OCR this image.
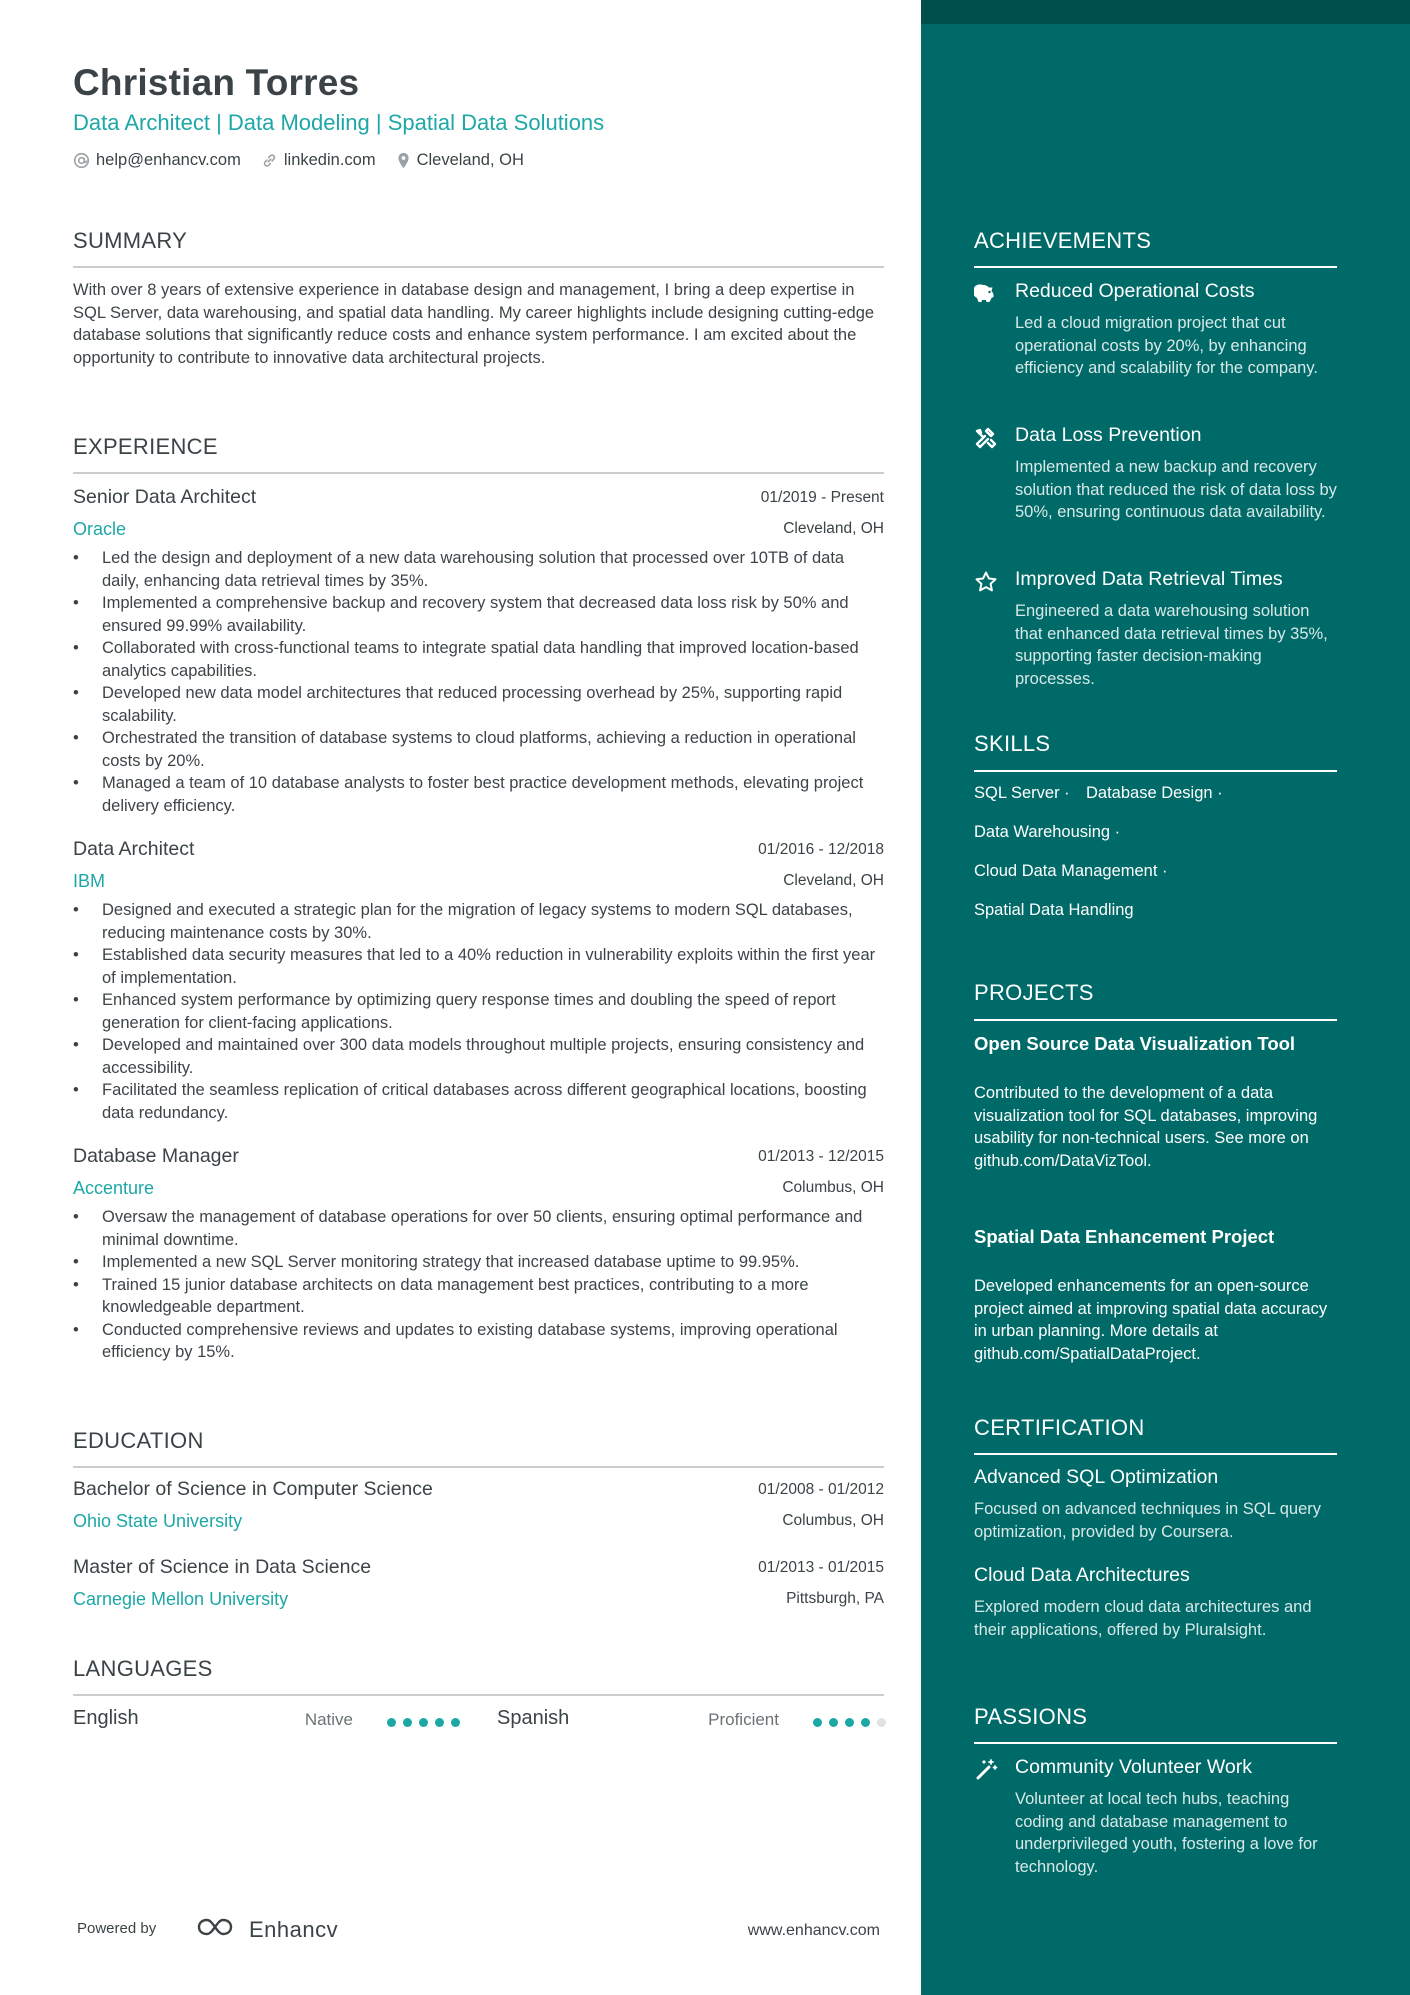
Christian Torres
Data Architect | Data Modeling | Spatial Data Solutions
help@enhancv.com	linkedin.com Cleveland, OH
SUMMARY

With over 8 years of extensive experience in database design and management, I bring a deep expertise in SQL Server, data warehousing, and spatial data handling. My career highlights include designing cutting-edge database solutions that significantly reduce costs and enhance system performance. I am excited about the opportunity to contribute to innovative data architectural projects.

EXPERIENCE
Senior Data Architect	01/2019 - Present
Oracle	Cleveland, OH
• Led the design and deployment of a new data warehousing solution that processed over 10TB of data daily, enhancing data retrieval times by 35%.
• Implemented a comprehensive backup and recovery system that decreased data loss risk by 50% and ensured 99.99% availability.
• Collaborated with cross-functional teams to integrate spatial data handling that improved location-based analytics capabilities.
• Developed new data model architectures that reduced processing overhead by 25%, supporting rapid scalability.
• Orchestrated the transition of database systems to cloud platforms, achieving a reduction in operational costs by 20%.
• Managed a team of 10 database analysts to foster best practice development methods, elevating project delivery efficiency.
Data Architect	01/2016 - 12/2018
IBM	Cleveland, OH
• Designed and executed a strategic plan for the migration of legacy systems to modern SQL databases, reducing maintenance costs by 30%.
• Established data security measures that led to a 40% reduction in vulnerability exploits within the first year of implementation.
• Enhanced system performance by optimizing query response times and doubling the speed of report generation for client-facing applications.
• Developed and maintained over 300 data models throughout multiple projects, ensuring consistency and accessibility.
• Facilitated the seamless replication of critical databases across different geographical locations, boosting data redundancy.
Database Manager	01/2013 - 12/2015
Accenture	Columbus, OH
• Oversaw the management of database operations for over 50 clients, ensuring optimal performance and minimal downtime.
• Implemented a new SQL Server monitoring strategy that increased database uptime to 99.95%.
• Trained 15 junior database architects on data management best practices, contributing to a more knowledgeable department.
• Conducted comprehensive reviews and updates to existing database systems, improving operational efficiency by 15%.
EDUCATION
Bachelor of Science in Computer Science	01/2008 - 01/2012
Ohio State University	Columbus, OH
Master of Science in Data Science	01/2013 - 01/2015
Carnegie Mellon University	Pittsburgh, PA
LANGUAGES
English	Native	Spanish	Proficient
Powered by	Enhancv	www.enhancv.com
ACHIEVEMENTS
Reduced Operational Costs

Led a cloud migration project that cut operational costs by 20%, by enhancing efficiency and scalability for the company.

Data Loss Prevention

Implemented a new backup and recovery solution that reduced the risk of data loss by 50%, ensuring continuous data availability.

Improved Data Retrieval Times

Engineered a data warehousing solution that enhanced data retrieval times by 35%, supporting faster decision-making processes.

SKILLS
SQL Server · Database Design ·
Data Warehousing ·
Cloud Data Management ·
Spatial Data Handling
PROJECTS
Open Source Data Visualization Tool

Contributed to the development of a data visualization tool for SQL databases, improving usability for non-technical users. See more on github.com/DataVizTool.

Spatial Data Enhancement Project

Developed enhancements for an open-source project aimed at improving spatial data accuracy in urban planning. More details at github.com/SpatialDataProject.

CERTIFICATION
Advanced SQL Optimization

Focused on advanced techniques in SQL query optimization, provided by Coursera.

Cloud Data Architectures

Explored modern cloud data architectures and their applications, offered by Pluralsight.

PASSIONS
Community Volunteer Work

Volunteer at local tech hubs, teaching coding and database management to underprivileged youth, fostering a love for technology.
